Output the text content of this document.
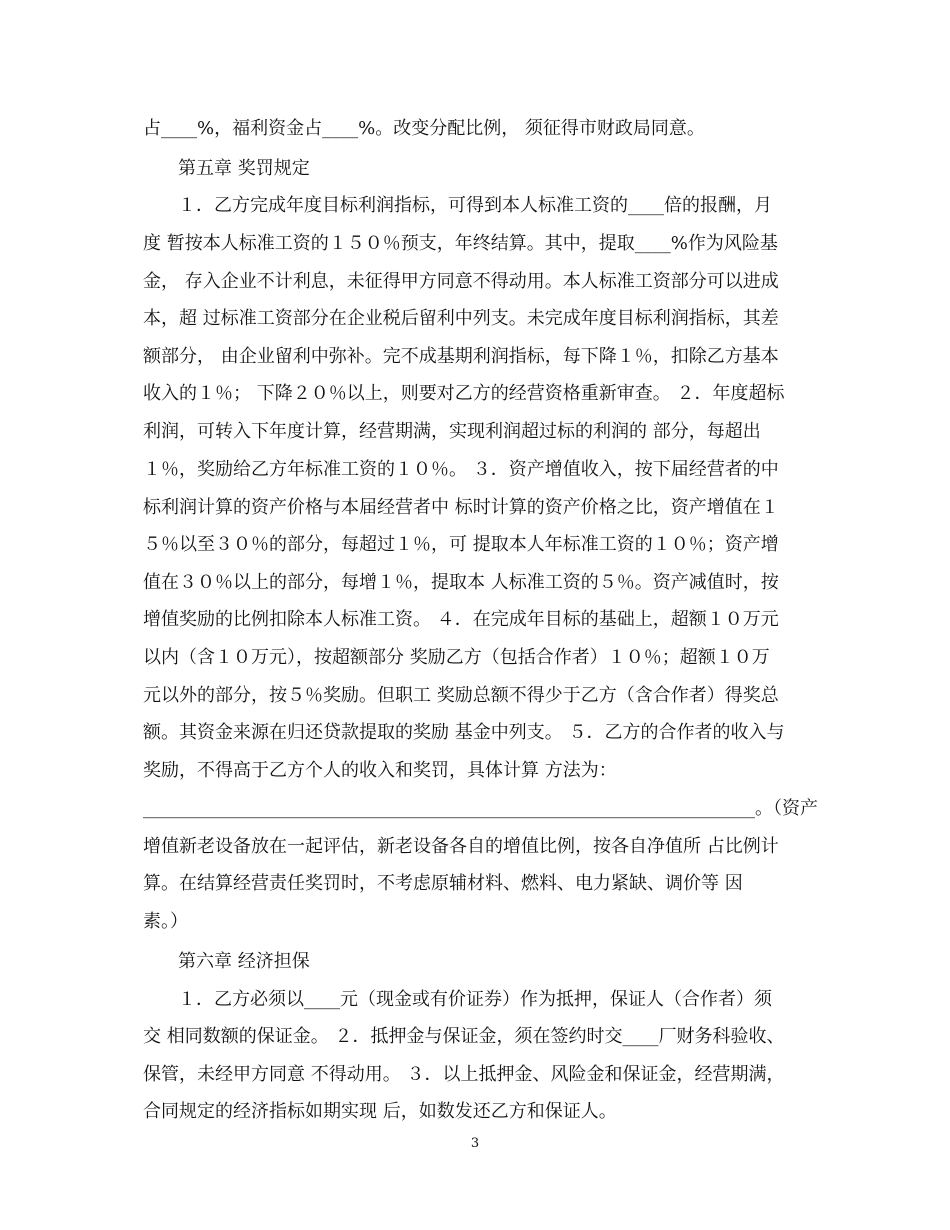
占____%，福利资金占____%。改变分配比例， 须征得市财政局同意。
第五章 奖罚规定
１．乙方完成年度目标利润指标，可得到本人标准工资的____倍的报酬，月
度 暂按本人标准工资的１５０％预支，年终结算。其中，提取____%作为风险基
金， 存入企业不计利息，未征得甲方同意不得动用。本人标准工资部分可以进成
本，超 过标准工资部分在企业税后留利中列支。未完成年度目标利润指标，其差
额部分， 由企业留利中弥补。完不成基期利润指标，每下降１％，扣除乙方基本
收入的１％； 下降２０％以上，则要对乙方的经营资格重新审查。 ２．年度超标
利润，可转入下年度计算，经营期满，实现利润超过标的利润的 部分，每超出
１％，奖励给乙方年标准工资的１０％。 ３．资产增值收入，按下届经营者的中
标利润计算的资产价格与本届经营者中 标时计算的资产价格之比，资产增值在１
５％以至３０％的部分，每超过１％，可 提取本人年标准工资的１０％；资产增
值在３０％以上的部分，每增１％，提取本 人标准工资的５％。资产减值时，按
增值奖励的比例扣除本人标准工资。 ４．在完成年目标的基础上，超额１０万元
以内（含１０万元），按超额部分 奖励乙方（包括合作者）１０％；超额１０万
元以外的部分，按５％奖励。但职工 奖励总额不得少于乙方（含合作者）得奖总
额。其资金来源在归还贷款提取的奖励 基金中列支。 ５．乙方的合作者的收入与
奖励，不得高于乙方个人的收入和奖罚，具体计算 方法为：
____________________________________________________________________。（资产
增值新老设备放在一起评估，新老设备各自的增值比例，按各自净值所 占比例计
算。在结算经营责任奖罚时，不考虑原辅材料、燃料、电力紧缺、调价等 因
素。）
第六章 经济担保
１．乙方必须以____元（现金或有价证券）作为抵押，保证人（合作者）须
交 相同数额的保证金。 ２．抵押金与保证金，须在签约时交____厂财务科验收、
保管，未经甲方同意 不得动用。 ３．以上抵押金、风险金和保证金，经营期满，
合同规定的经济指标如期实现 后，如数发还乙方和保证人。
3
